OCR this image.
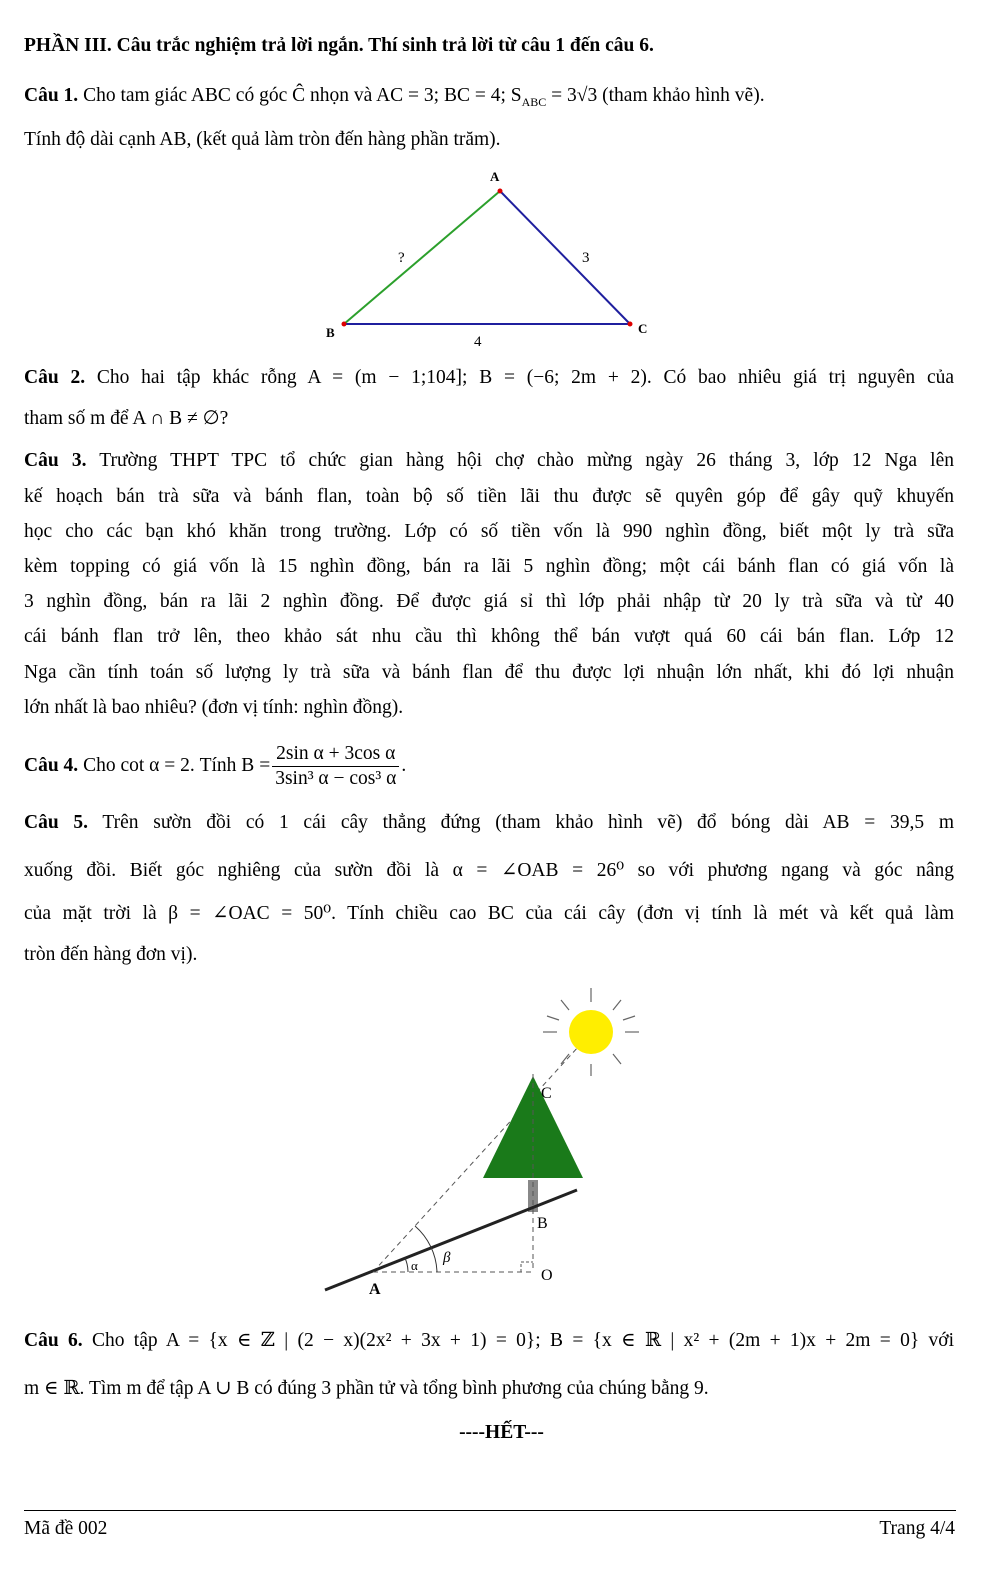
PHẦN III. Câu trắc nghiệm trả lời ngắn. Thí sinh trả lời từ câu 1 đến câu 6.
Câu 1. Cho tam giác ABC có góc Ĉ nhọn và AC = 3; BC = 4; $S_{ABC} = 3√3$ (tham khảo hình vẽ).
Tính độ dài cạnh AB, (kết quả làm tròn đến hàng phần trăm).
A
B	C
?	3
4
Câu 2. Cho hai tập khác rỗng A = (m − 1;104]; B = (−6; 2m + 2). Có bao nhiêu giá trị nguyên của
tham số m để A ∩ B ≠ ∅?
Câu 3. Trường THPT TPC tổ chức gian hàng hội chợ chào mừng ngày 26 tháng 3, lớp 12 Nga lên
kế hoạch bán trà sữa và bánh flan, toàn bộ số tiền lãi thu được sẽ quyên góp để gây quỹ khuyến
học cho các bạn khó khăn trong trường. Lớp có số tiền vốn là 990 nghìn đồng, biết một ly trà sữa
kèm topping có giá vốn là 15 nghìn đồng, bán ra lãi 5 nghìn đồng; một cái bánh flan có giá vốn là
3 nghìn đồng, bán ra lãi 2 nghìn đồng. Để được giá sỉ thì lớp phải nhập từ 20 ly trà sữa và từ 40
cái bánh flan trở lên, theo khảo sát nhu cầu thì không thể bán vượt quá 60 cái bán flan. Lớp 12
Nga cần tính toán số lượng ly trà sữa và bánh flan để thu được lợi nhuận lớn nhất, khi đó lợi nhuận
lớn nhất là bao nhiêu? (đơn vị tính: nghìn đồng).
Câu 4.
Cho cot α = 2. Tính $B = \frac{\text{2sin α + 3cos α}}{\text{3sin³ α − cos³ α}}$ .
Câu 5. Trên sườn đồi có 1 cái cây thẳng đứng (tham khảo hình vẽ) đổ bóng dài AB = 39,5 m
xuống đồi. Biết góc nghiêng của sườn đồi là α = ∠OAB = 26⁰ so với phương ngang và góc nâng
của mặt trời là β = ∠OAC = 50⁰. Tính chiều cao BC của cái cây (đơn vị tính là mét và kết quả làm
tròn đến hàng đơn vị).
A
B
C
O
α β
Câu 6. Cho tập A = {x ∈ ℤ | (2 − x)(2x² + 3x + 1) = 0}; B = {x ∈ ℝ | x² + (2m + 1)x + 2m = 0} với
m ∈ ℝ. Tìm m để tập A ∪ B có đúng 3 phần tử và tổng bình phương của chúng bằng 9.
----HẾT---
Mã đề 002	Trang 4/4
